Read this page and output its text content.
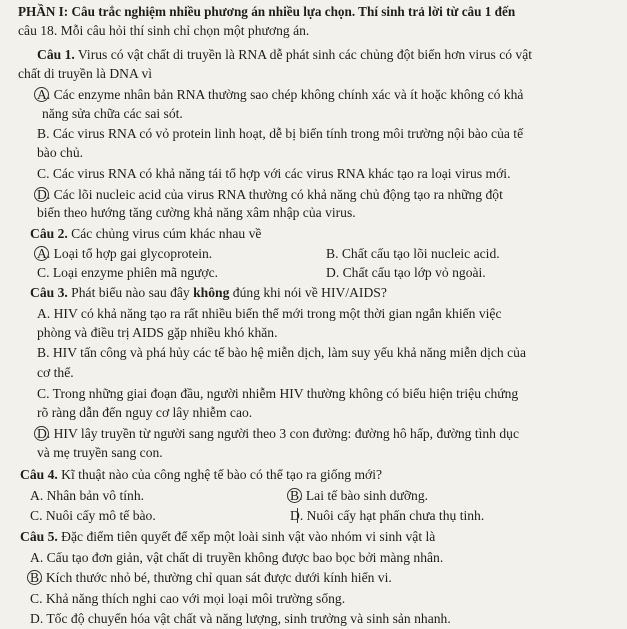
PHẦN I: Câu trắc nghiệm nhiều phương án nhiều lựa chọn. Thí sinh trả lời từ câu 1 đến
câu 18. Mỗi câu hỏi thí sinh chỉ chọn một phương án.
Câu 1. Virus có vật chất di truyền là RNA dễ phát sinh các chủng đột biến hơn virus có vật
chất di truyền là DNA vì
A. Các enzyme nhân bản RNA thường sao chép không chính xác và ít hoặc không có khả
năng sửa chữa các sai sót.
B. Các virus RNA có vỏ protein linh hoạt, dễ bị biến tính trong môi trường nội bào của tế
bào chủ.
C. Các virus RNA có khả năng tái tổ hợp với các virus RNA khác tạo ra loại virus mới.
D. Các lõi nucleic acid của virus RNA thường có khả năng chủ động tạo ra những đột
biến theo hướng tăng cường khả năng xâm nhập của virus.
Câu 2. Các chủng virus cúm khác nhau về
A. Loại tổ hợp gai glycoprotein.	B. Chất cấu tạo lõi nucleic acid.
C. Loại enzyme phiên mã ngược.	D. Chất cấu tạo lớp vỏ ngoài.
Câu 3. Phát biểu nào sau đây không đúng khi nói về HIV/AIDS?
A. HIV có khả năng tạo ra rất nhiều biến thể mới trong một thời gian ngắn khiến việc
phòng và điều trị AIDS gặp nhiều khó khăn.
B. HIV tấn công và phá hủy các tế bào hệ miễn dịch, làm suy yếu khả năng miễn dịch của
cơ thể.
C. Trong những giai đoạn đầu, người nhiễm HIV thường không có biểu hiện triệu chứng
rõ ràng dẫn đến nguy cơ lây nhiễm cao.
D. HIV lây truyền từ người sang người theo 3 con đường: đường hô hấp, đường tình dục
và mẹ truyền sang con.
Câu 4. Kĩ thuật nào của công nghệ tế bào có thể tạo ra giống mới?
A. Nhân bản vô tính.	B. Lai tế bào sinh dưỡng.
C. Nuôi cấy mô tế bào.	D. Nuôi cấy hạt phấn chưa thụ tinh.
Câu 5. Đặc điểm tiên quyết để xếp một loài sinh vật vào nhóm vi sinh vật là
A. Cấu tạo đơn giản, vật chất di truyền không được bao bọc bởi màng nhân.
B. Kích thước nhỏ bé, thường chỉ quan sát được dưới kính hiển vi.
C. Khả năng thích nghi cao với mọi loại môi trường sống.
D. Tốc độ chuyển hóa vật chất và năng lượng, sinh trưởng và sinh sản nhanh.
